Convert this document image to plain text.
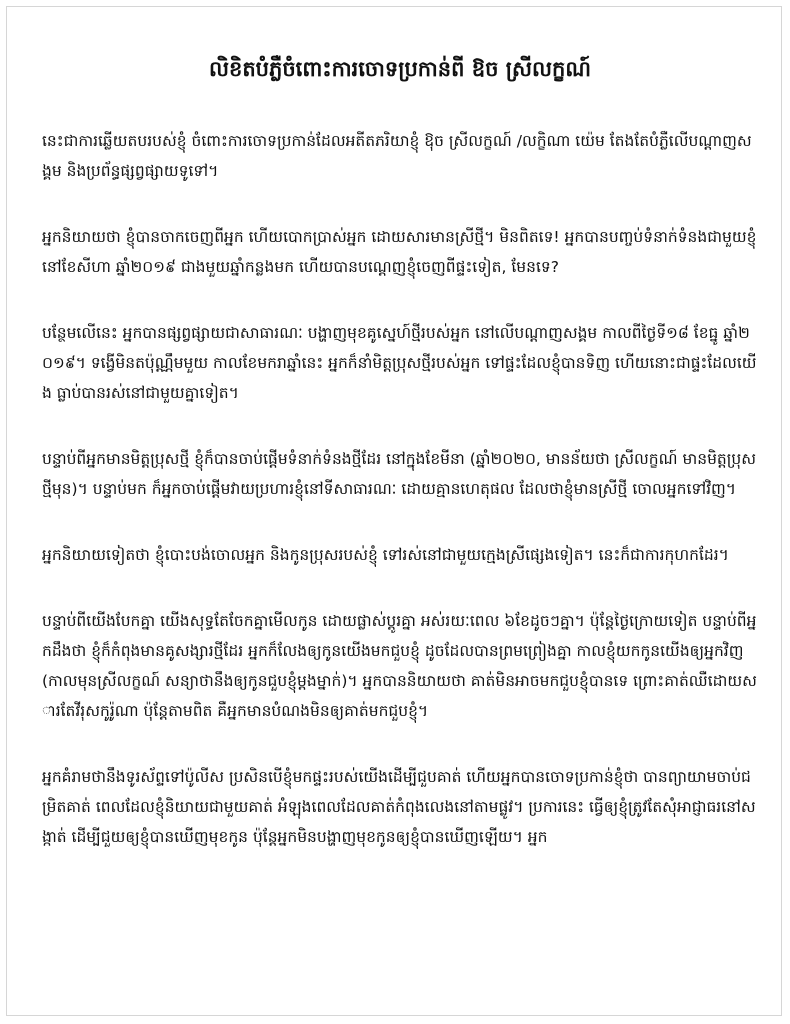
លិខិតបំភ្លឺចំពោះការចោទប្រកាន់ពី ឱច ស្រីលក្ខណ៍
នេះជាការឆ្លើយតបរបស់ខ្ញុំ ចំពោះការចោទប្រកាន់ដែលអតីតភរិយាខ្ញុំ ឱុច ស្រីលក្ខណ៍ /លក្ខិណា យ៉េម តែងតែបំភ្លឺលើបណ្តាញសង្គម និងប្រព័ន្ធផ្សព្វផ្សាយទូទៅ។
អ្នកនិយាយថា ខ្ញុំបានចាកចេញពីអ្នក ហើយបោកប្រាស់អ្នក ដោយសារមានស្រីថ្មី។ មិនពិតទេ! អ្នកបានបញ្ចប់ទំនាក់ទំនងជាមួយខ្ញុំ នៅខែសីហា ឆ្នាំ២០១៩ ជាងមួយឆ្នាំកន្លងមក ហើយបានបណ្តេញខ្ញុំចេញពីផ្ទះទៀត, មែនទេ?
បន្ថែមលើនេះ អ្នកបានផ្សព្វផ្សាយជាសាធារណៈ បង្ហាញមុខគូស្នេហ៍ថ្មីរបស់អ្នក នៅលើបណ្តាញសង្គម កាលពីថ្ងៃទី១៨ ខែធ្នូ ឆ្នាំ២០១៩។ ទង្វើមិនតប៉ុណ្ណឹមមួយ កាលខែមករាឆ្នាំនេះ អ្នកក៏នាំមិត្តប្រុសថ្មីរបស់អ្នក ទៅផ្ទះដែលខ្ញុំបានទិញ ហើយនោះជាផ្ទះដែលយើង ធ្លាប់បានរស់នៅជាមួយគ្នាទៀត។
បន្ទាប់ពីអ្នកមានមិត្តប្រុសថ្មី ខ្ញុំក៏បានចាប់ផ្តើមទំនាក់ទំនងថ្មីដែរ នៅក្នុងខែមីនា (ឆ្នាំ២០២០, មានន័យថា ស្រីលក្ខណ៍ មានមិត្តប្រុសថ្មីមុន)។ បន្ទាប់មក ក៏អ្នកចាប់ផ្តើមវាយប្រហារខ្ញុំនៅទីសាធារណៈ ដោយគ្មានហេតុផល ដែលថាខ្ញុំមានស្រីថ្មី ចោលអ្នកទៅវិញ។
អ្នកនិយាយទៀតថា ខ្ញុំបោះបង់ចោលអ្នក និងកូនប្រុសរបស់ខ្ញុំ ទៅរស់នៅជាមួយក្មេងស្រីផ្សេងទៀត។ នេះក៏ជាការកុហកដែរ។
បន្ទាប់ពីយើងបែកគ្នា យើងសុទ្ធតែចែកគ្នាមើលកូន ដោយផ្លាស់ប្តូរគ្នា អស់រយៈពេល ៦ខែដូចៗគ្នា។ ប៉ុន្តែថ្ងៃក្រោយទៀត បន្ទាប់ពីអ្នកដឹងថា ខ្ញុំក៏កំពុងមានគូសង្សារថ្មីដែរ អ្នកក៏លែងឲ្យកូនយើងមកជួបខ្ញុំ ដូចដែលបានព្រមព្រៀងគ្នា កាលខ្ញុំយកកូនយើងឲ្យអ្នកវិញ (កាលមុនស្រីលក្ខណ៍ សន្យាថានឹងឲ្យកូនជួបខ្ញុំម្តងម្នាក់)។ អ្នកបាននិយាយថា គាត់មិនអាចមកជួបខ្ញុំបានទេ ព្រោះគាត់ឈឺដោយសារតែវីរុសកូរ៉ូណា ប៉ុន្តែតាមពិត គឺអ្នកមានបំណងមិនឲ្យគាត់មកជួបខ្ញុំ។
អ្នកគំរាមថានឹងទូរស័ព្ទទៅប៉ូលីស ប្រសិនបើខ្ញុំមកផ្ទះរបស់យើងដើម្បីជួបគាត់ ហើយអ្នកបានចោទប្រកាន់ខ្ញុំថា បានព្យាយាមចាប់ជម្រិតគាត់ ពេលដែលខ្ញុំនិយាយជាមួយគាត់ អំឡុងពេលដែលគាត់កំពុងលេងនៅតាមផ្លូវ។ ប្រការនេះ ធ្វើឲ្យខ្ញុំត្រូវតែសុំអាជ្ញាធរនៅសង្កាត់ ដើម្បីជួយឲ្យខ្ញុំបានឃើញមុខកូន ប៉ុន្តែអ្នកមិនបង្ហាញមុខកូនឲ្យខ្ញុំបានឃើញឡើយ។ អ្នក
